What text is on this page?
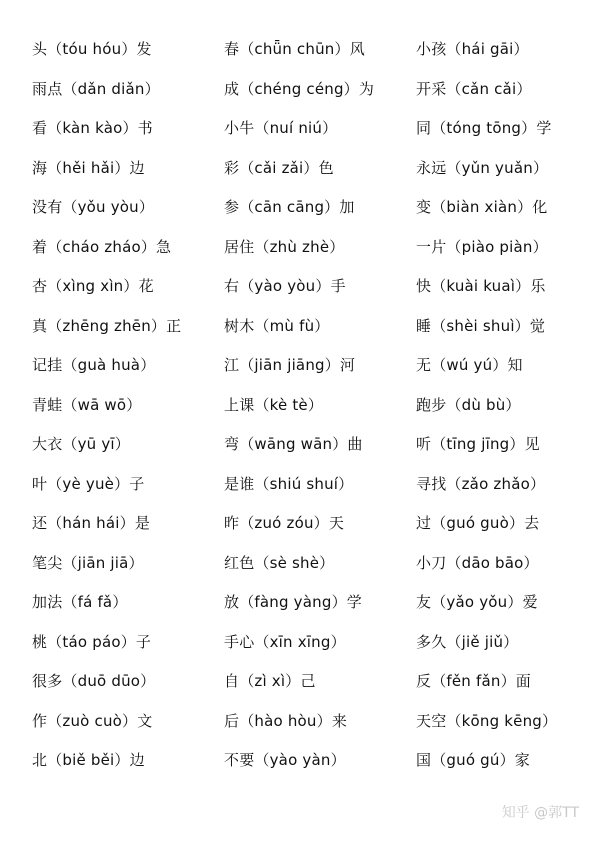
头（tóu hóu）发
雨点（dǎn diǎn）
看（kàn kào）书
海（hěi hǎi）边
没有（yǒu yòu）
着（cháo zháo）急
杏（xìng xìn）花
真（zhēng zhēn）正
记挂（guà huà）
青蛙（wā wō）
大衣（yū yī）
叶（yè yuè）子
还（hán hái）是
笔尖（jiān jiā）
加法（fá fǎ）
桃（táo páo）子
很多（duō dūo）
作（zuò cuò）文
北（biě běi）边
春（chǖn chūn）风
成（chéng céng）为
小牛（nuí niú）
彩（cǎi zǎi）色
参（cān cāng）加
居住（zhù zhè）
右（yào yòu）手
树木（mù fù）
江（jiān jiāng）河
上课（kè tè）
弯（wāng wān）曲
是谁（shiú shuí）
昨（zuó zóu）天
红色（sè shè）
放（fàng yàng）学
手心（xīn xīng）
自（zì xì）己
后（hào hòu）来
不要（yào yàn）
小孩（hái gāi）
开采（cǎn cǎi）
同（tóng tōng）学
永远（yǔn yuǎn）
变（biàn xiàn）化
一片（piào piàn）
快（kuài kuaì）乐
睡（shèi shuì）觉
无（wú yú）知
跑步（dù bù）
听（tīng jīng）见
寻找（zǎo zhǎo）
过（guó guò）去
小刀（dāo bāo）
友（yǎo yǒu）爱
多久（jiě jiǔ）
反（fěn fǎn）面
天空（kōng kēng）
国（guó gú）家
知乎 @郭TT
